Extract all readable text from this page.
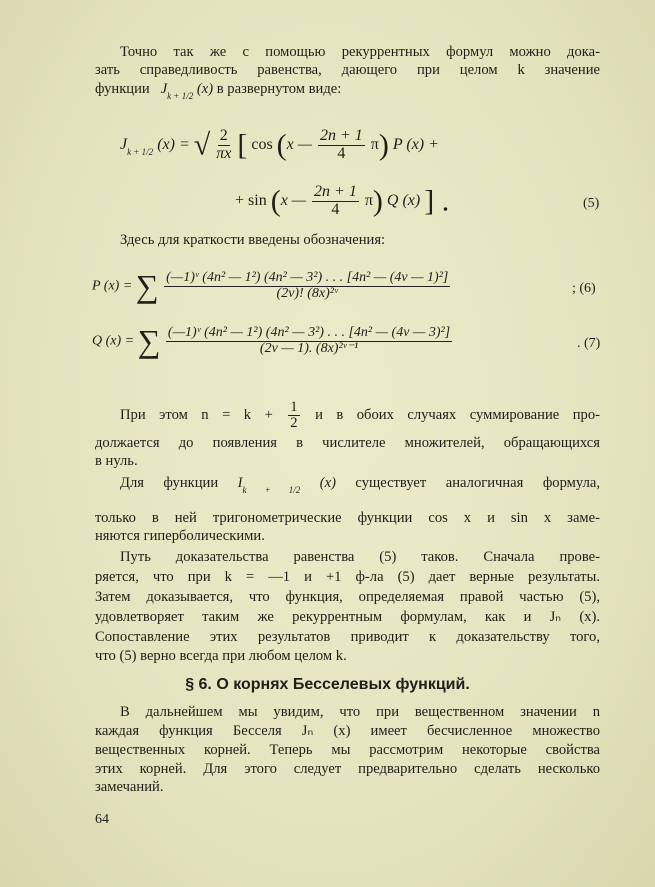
Точно так же с помощью рекуррентных формул можно дока-
зать справедливость равенства, дающего при целом k значение
функции $J_{k + 1/2}$ (x) в развернутом виде:
$J_{k + 1/2}$ (x) = √ $\frac{2}{\pi x}$ [ cos (x — $\frac{2n + 1}{4} \pi$) P (x) +
+ sin (x — $\frac{2n + 1}{4} \pi$) Q (x) ] .	(5)
Здесь для краткости введены обозначения:
P (x) = ∑ $\frac{\text{(—1)ᵛ (4n² — 1²) (4n² — 3²) . . . [4n² — (4ν — 1)²]}}{\text{(2ν)! (8x)²ᵛ}}$	; (6)
Q (x) = ∑ $\frac{\text{(—1)ᵛ (4n² — 1²) (4n² — 3²) . . . [4n² — (4ν — 3)²]}}{\text{(2ν — 1). (8x)²ᵛ⁻¹}}$	. (7)
При этом $n = k + \frac{1}{2}$ и в обоих случаях суммирование про-
должается до появления в числителе множителей, обращающихся
в нуль.
Для функции $I_{k + 1/2}$ (x) существует аналогичная формула,
только в ней тригонометрические функции cos x и sin x заме-
няются гиперболическими.
Путь доказательства равенства (5) таков. Сначала прове-
ряется, что при k = —1 и +1 ф-ла (5) дает верные результаты.
Затем доказывается, что функция, определяемая правой частью (5),
удовлетворяет таким же рекуррентным формулам, как и Jₙ (x).
Сопоставление этих результатов приводит к доказательству того,
что (5) верно всегда при любом целом k.
§ 6. О корнях Бесселевых функций.
В дальнейшем мы увидим, что при вещественном значении n
каждая функция Бесселя Jₙ (x) имеет бесчисленное множество
вещественных корней. Теперь мы рассмотрим некоторые свойства
этих корней. Для этого следует предварительно сделать несколько
замечаний.
64
